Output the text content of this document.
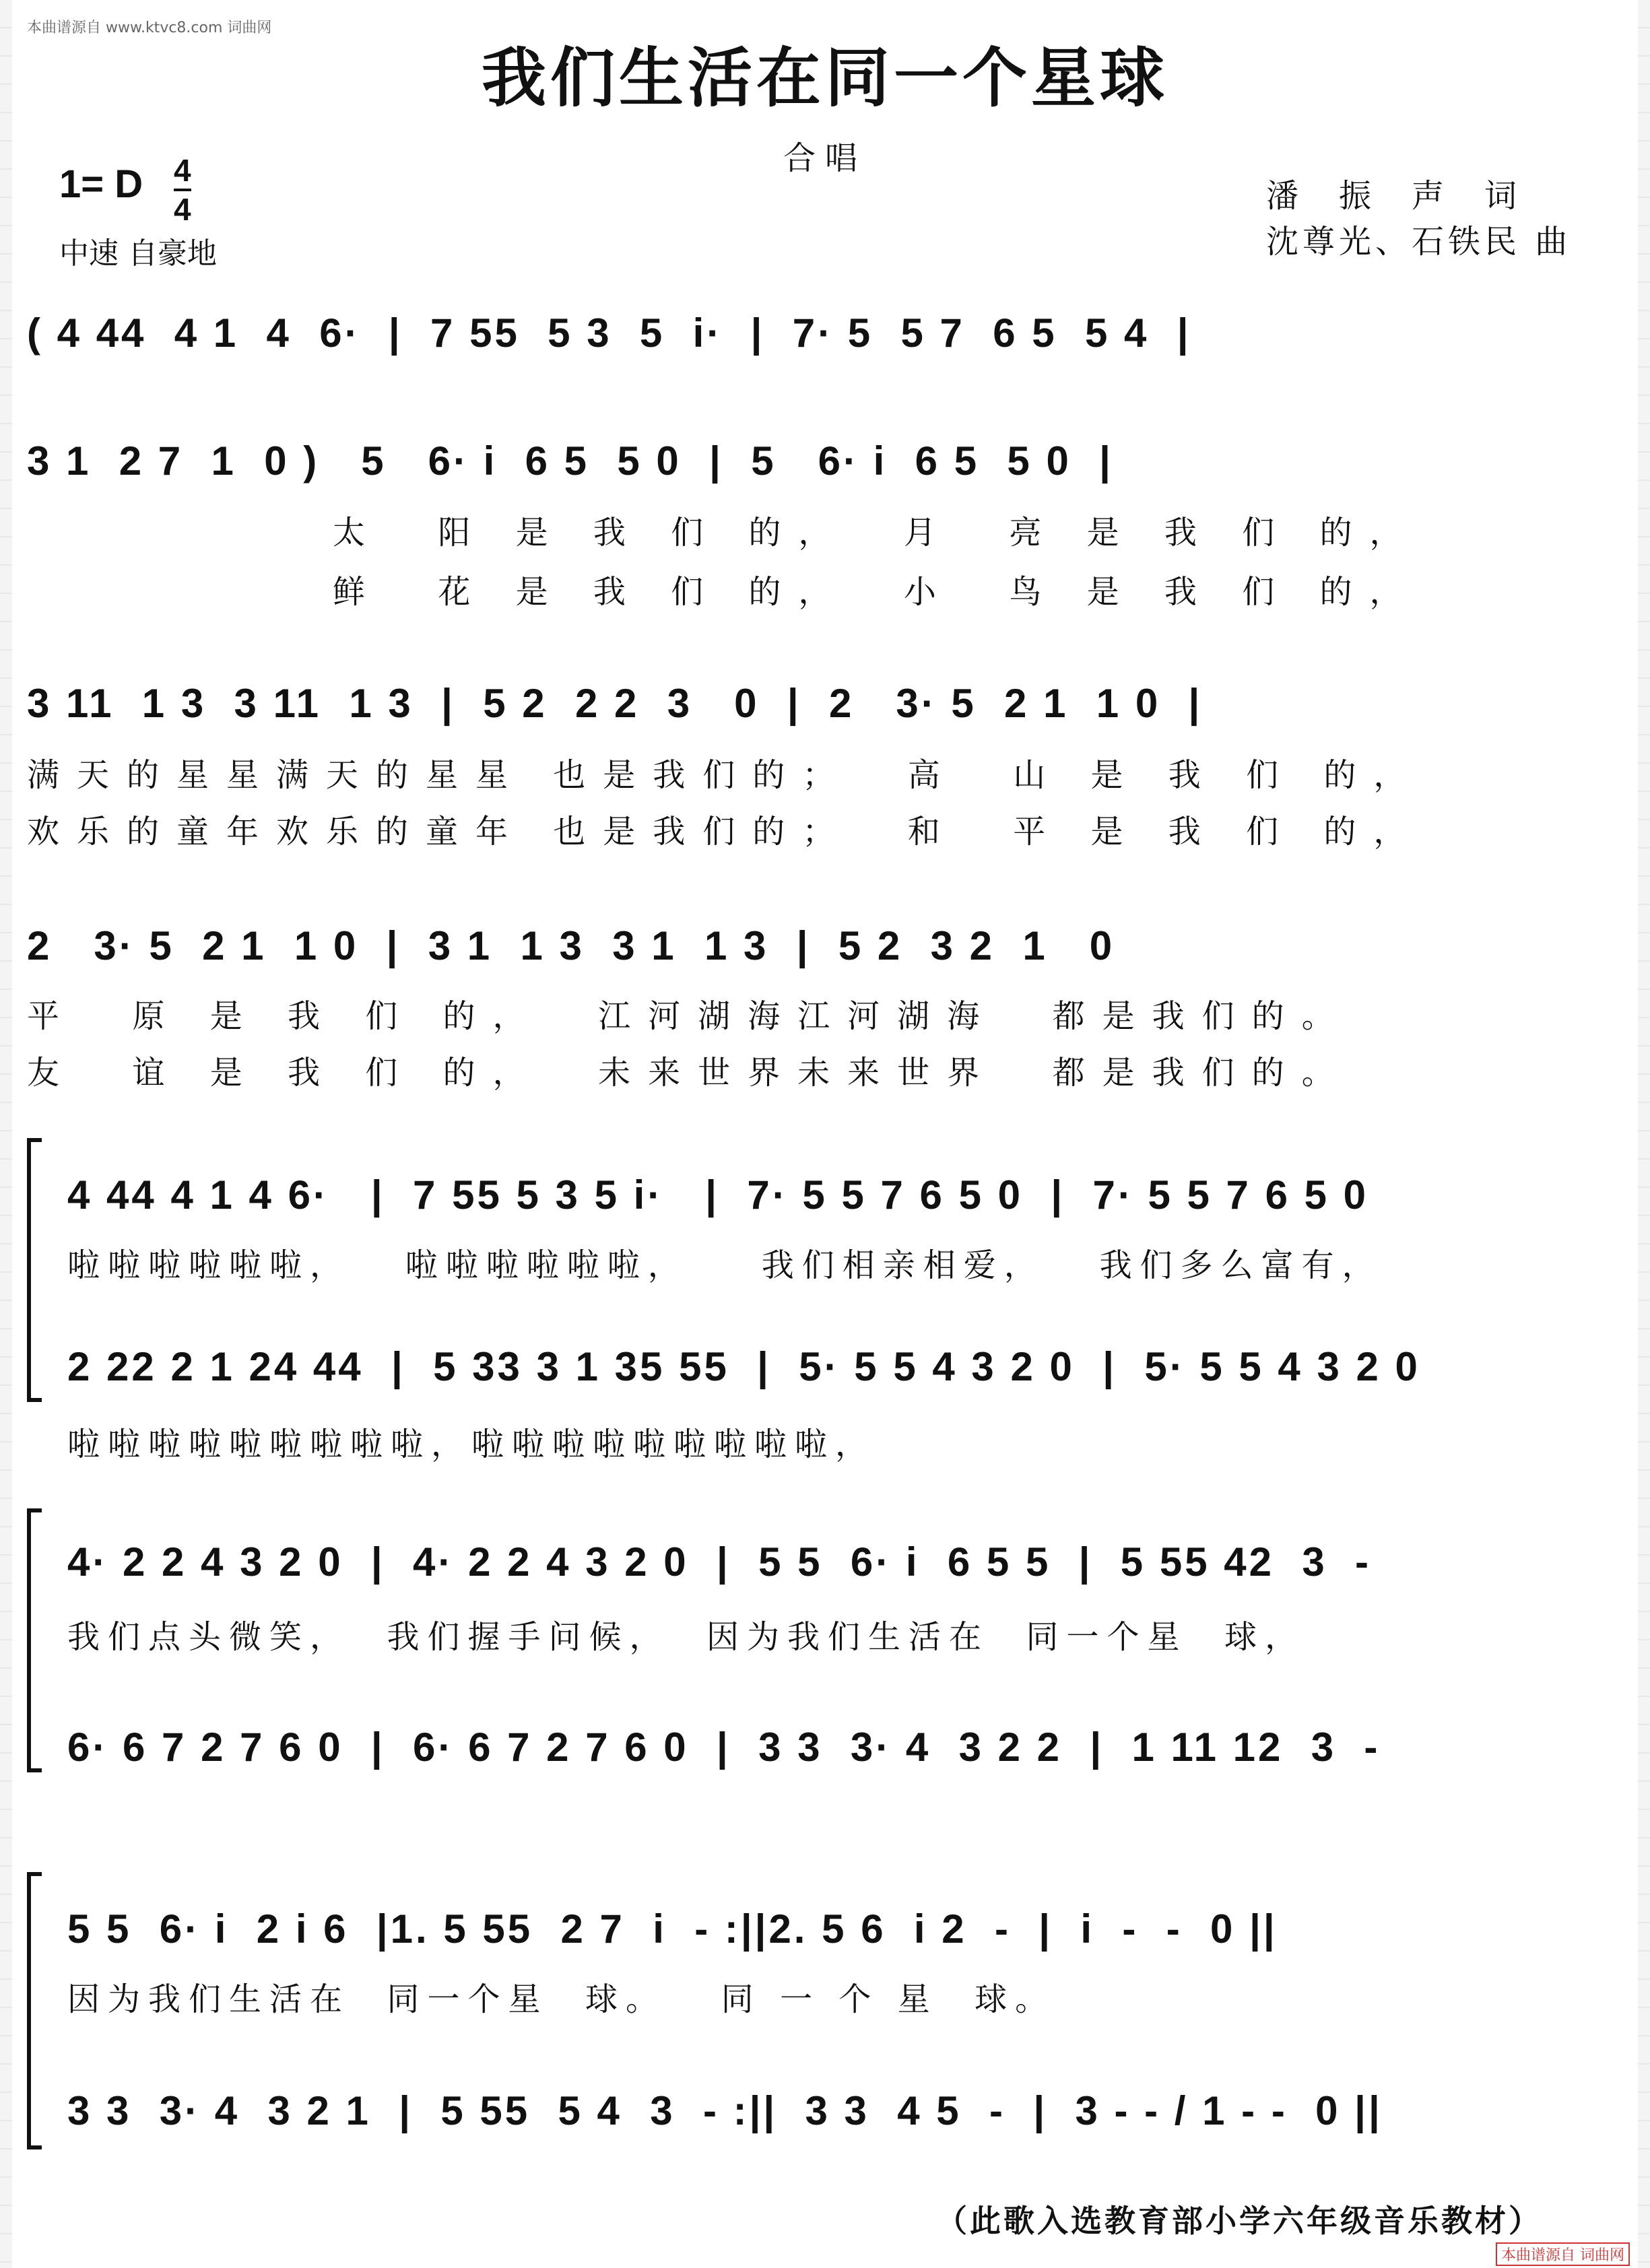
本曲谱源自 www.ktvc8.com 词曲网
我们生活在同一个星球
合唱
1= D 4
4
中速 自豪地
潘振声词
沈尊光、石铁民 曲
( 4 44  4 1  4  6·  |  7 55  5 3  5  i·  |  7· 5  5 7  6 5  5 4  |
3 1  2 7  1  0 )   5   6· i  6 5  5 0  |  5   6· i  6 5  5 0  |
太  阳 是 我 们 的，  月  亮 是 我 们 的，
鲜  花 是 我 们 的，  小  鸟 是 我 们 的，
3 11  1 3  3 11  1 3  |  5 2  2 2  3   0  |  2   3· 5  2 1  1 0  |
满天的星星满天的星星 也是我们的；  高  山 是 我 们 的，
欢乐的童年欢乐的童年 也是我们的；  和  平 是 我 们 的，
2   3· 5  2 1  1 0  |  3 1  1 3  3 1  1 3  |  5 2  3 2  1   0
平  原 是 我 们 的，  江河湖海江河湖海  都是我们的。
友  谊 是 我 们 的，  未来世界未来世界  都是我们的。
4 44 4 1 4 6·   |  7 55 5 3 5 i·   |  7· 5 5 7 6 5 0  |  7· 5 5 7 6 5 0
啦啦啦啦啦啦，   啦啦啦啦啦啦，    我们相亲相爱，   我们多么富有，
2 22 2 1 24 44  |  5 33 3 1 35 55  |  5· 5 5 4 3 2 0  |  5· 5 5 4 3 2 0
啦啦啦啦啦啦啦啦啦，啦啦啦啦啦啦啦啦啦，
4· 2 2 4 3 2 0  |  4· 2 2 4 3 2 0  |  5 5  6· i  6 5 5  |  5 55 42  3  -
我们点头微笑，  我们握手问候，  因为我们生活在  同一个星  球，
6· 6 7 2 7 6 0  |  6· 6 7 2 7 6 0  |  3 3  3· 4  3 2 2  |  1 11 12  3  -
5 5  6· i  2 i 6  |1. 5 55  2 7  i  - :||2. 5 6  i 2  -  |  i  -  -  0 ||
因为我们生活在  同一个星  球。   同 一 个 星  球。
3 3  3· 4  3 2 1  |  5 55  5 4  3  - :||  3 3  4 5  -  |  3 - - / 1 - -  0 ||
（此歌入选教育部小学六年级音乐教材）
本曲谱源自 词曲网
